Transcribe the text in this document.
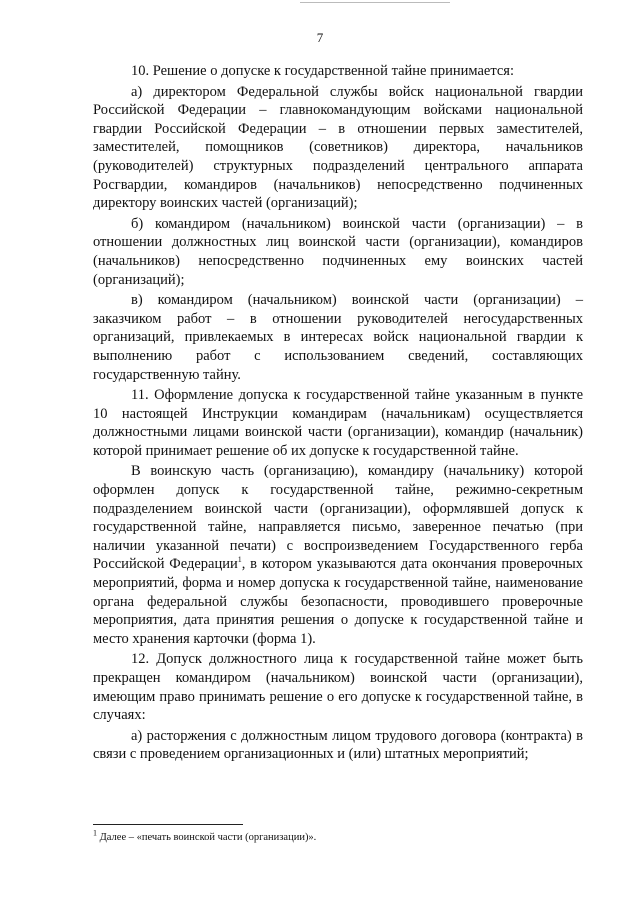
7

10. Решение о допуске к государственной тайне принимается:

а) директором Федеральной службы войск национальной гвардии Российской Федерации – главнокомандующим войсками национальной гвардии Российской Федерации – в отношении первых заместителей, заместителей, помощников (советников) директора, начальников (руководителей) структурных подразделений центрального аппарата Росгвардии, командиров (начальников) непосредственно подчиненных директору воинских частей (организаций);

б) командиром (начальником) воинской части (организации) – в отношении должностных лиц воинской части (организации), командиров (начальников) непосредственно подчиненных ему воинских частей (организаций);

в) командиром (начальником) воинской части (организации) – заказчиком работ – в отношении руководителей негосударственных организаций, привлекаемых в интересах войск национальной гвардии к выполнению работ с использованием сведений, составляющих государственную тайну.

11. Оформление допуска к государственной тайне указанным в пункте 10 настоящей Инструкции командирам (начальникам) осуществляется должностными лицами воинской части (организации), командир (начальник) которой принимает решение об их допуске к государственной тайне.

В воинскую часть (организацию), командиру (начальнику) которой оформлен допуск к государственной тайне, режимно-секретным подразделением воинской части (организации), оформлявшей допуск к государственной тайне, направляется письмо, заверенное печатью (при наличии указанной печати) с воспроизведением Государственного герба Российской Федерации$^1$, в котором указываются дата окончания проверочных мероприятий, форма и номер допуска к государственной тайне, наименование органа федеральной службы безопасности, проводившего проверочные мероприятия, дата принятия решения о допуске к государственной тайне и место хранения карточки (форма 1).

12. Допуск должностного лица к государственной тайне может быть прекращен командиром (начальником) воинской части (организации), имеющим право принимать решение о его допуске к государственной тайне, в случаях:

а) расторжения с должностным лицом трудового договора (контракта) в связи с проведением организационных и (или) штатных мероприятий;

$^1$ Далее – «печать воинской части (организации)».
